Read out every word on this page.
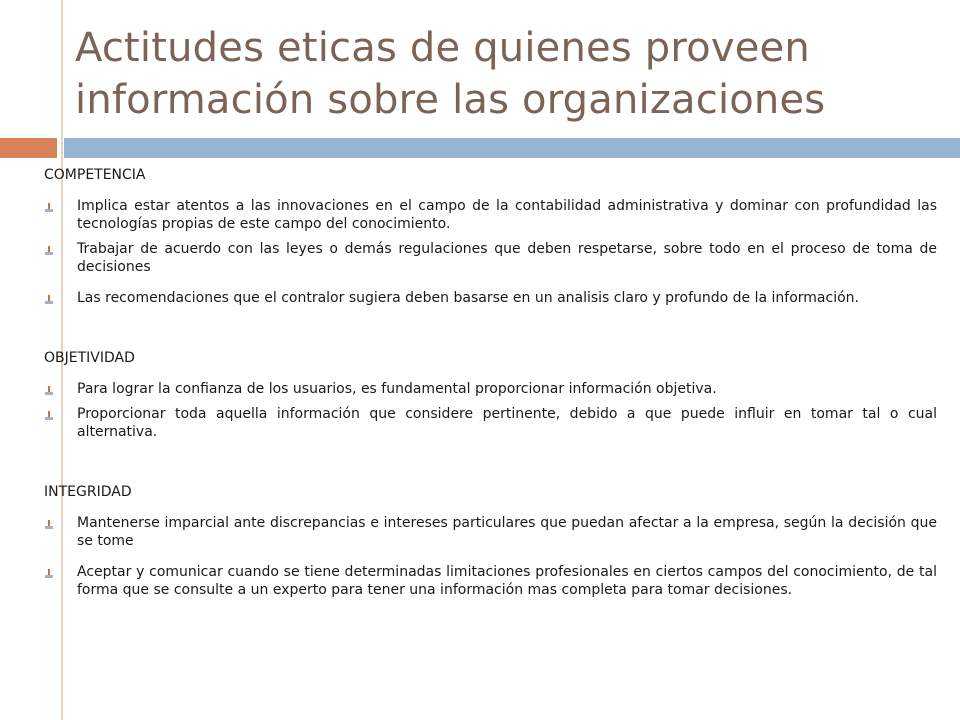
Actitudes eticas de quienes proveen información sobre las organizaciones

COMPETENCIA

Implica estar atentos a las innovaciones en el campo de la contabilidad administrativa y dominar con profundidad las tecnologías propias de este campo del conocimiento.
Trabajar de acuerdo con las leyes o demás regulaciones que deben respetarse, sobre todo en el proceso de toma de decisiones
Las recomendaciones que el contralor sugiera deben basarse en un analisis claro y profundo de la información.

OBJETIVIDAD

Para lograr la confianza de los usuarios, es fundamental proporcionar información objetiva.
Proporcionar toda aquella información que considere pertinente, debido a que puede influir en tomar tal o cual alternativa.

INTEGRIDAD

Mantenerse imparcial ante discrepancias e intereses particulares que puedan afectar a la empresa, según la decisión que se tome
Aceptar y comunicar cuando se tiene determinadas limitaciones profesionales en ciertos campos del conocimiento, de tal forma que se consulte a un experto para tener una información mas completa para tomar decisiones.
